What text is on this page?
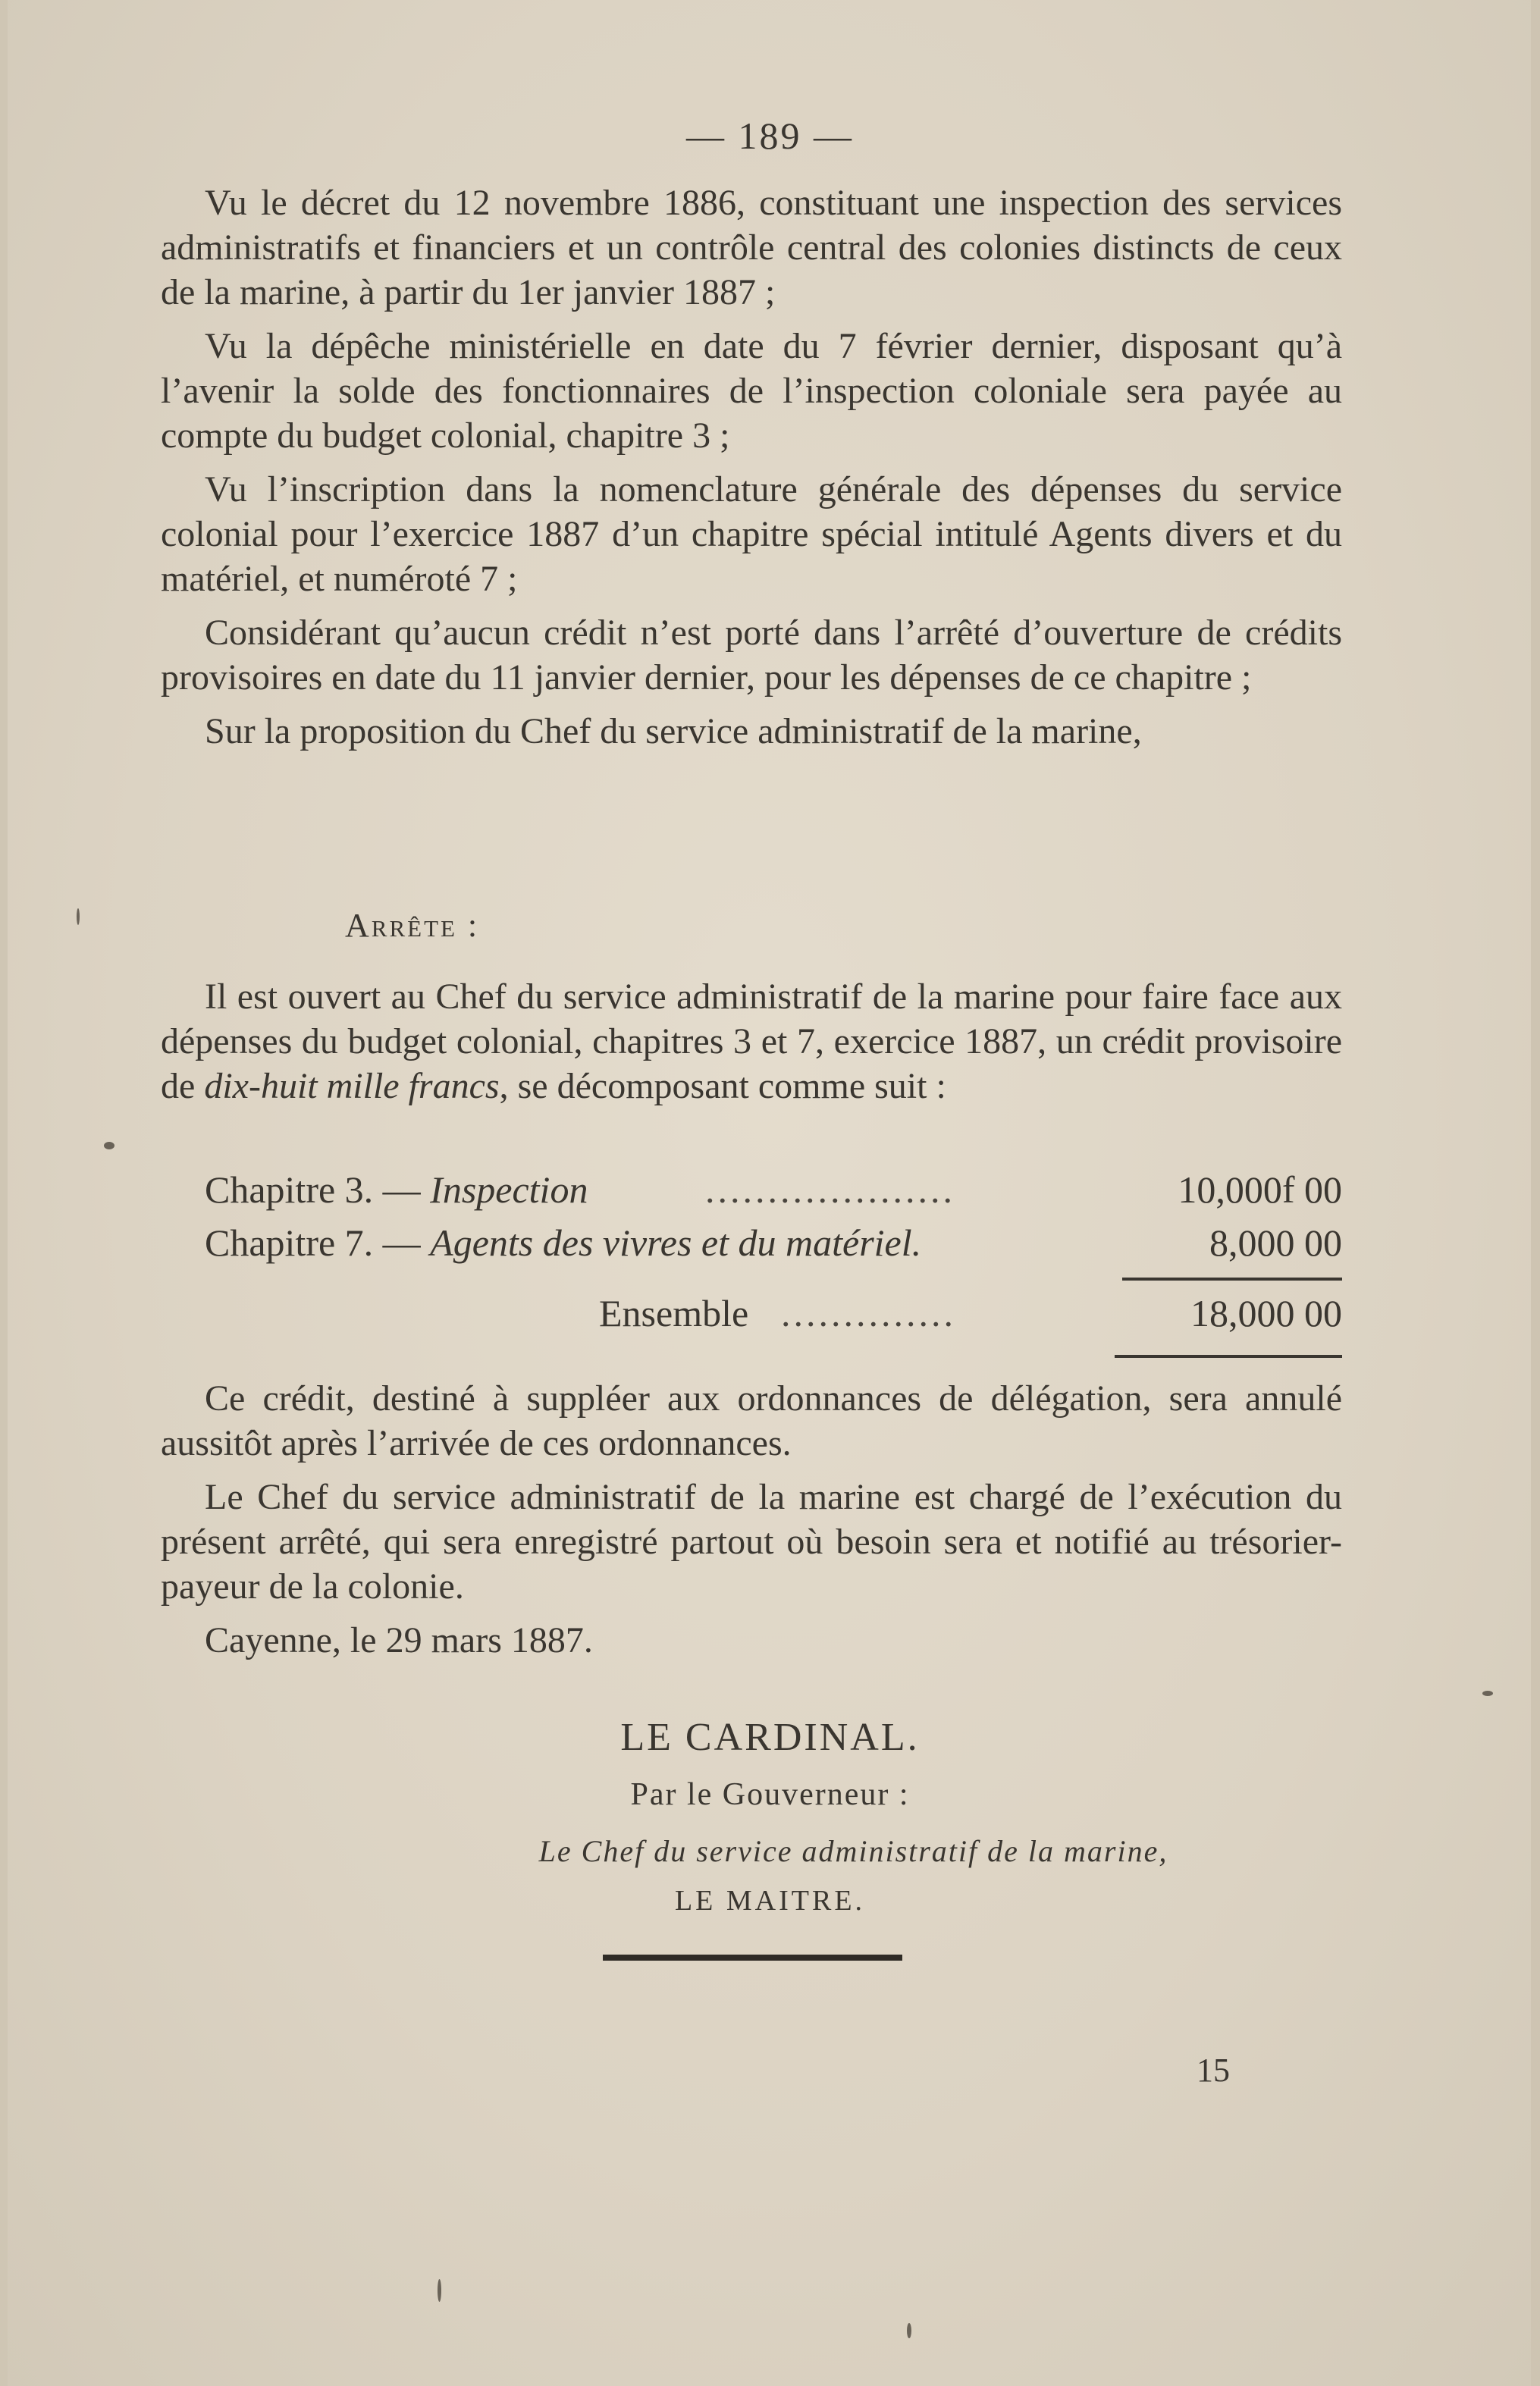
— 189 —

Vu le décret du 12 novembre 1886, constituant une inspection des services administratifs et financiers et un contrôle central des colonies distincts de ceux de la marine, à partir du 1er janvier 1887 ;

Vu la dépêche ministérielle en date du 7 février dernier, disposant qu’à l’avenir la solde des fonctionnaires de l’inspection coloniale sera payée au compte du budget colonial, chapitre 3 ;

Vu l’inscription dans la nomenclature générale des dépenses du service colonial pour l’exercice 1887 d’un chapitre spécial intitulé Agents divers et du matériel, et numéroté 7 ;

Considérant qu’aucun crédit n’est porté dans l’arrêté d’ouverture de crédits provisoires en date du 11 janvier dernier, pour les dépenses de ce chapitre ;

Sur la proposition du Chef du service administratif de la marine,

Arrête :

Il est ouvert au Chef du service administratif de la marine pour faire face aux dépenses du budget colonial, chapitres 3 et 7, exercice 1887, un crédit provisoire de dix-huit mille francs, se décomposant comme suit :

Chapitre 3. — Inspection	....................	10,000f 00
Chapitre 7. — Agents des vivres et du matériel.	8,000 00
Ensemble ..............	18,000 00

Ce crédit, destiné à suppléer aux ordonnances de délégation, sera annulé aussitôt après l’arrivée de ces ordonnances.

Le Chef du service administratif de la marine est chargé de l’exécution du présent arrêté, qui sera enregistré partout où besoin sera et notifié au trésorier-payeur de la colonie.

Cayenne, le 29 mars 1887.

LE CARDINAL.
Par le Gouverneur :
Le Chef du service administratif de la marine,
LE MAITRE.
15
